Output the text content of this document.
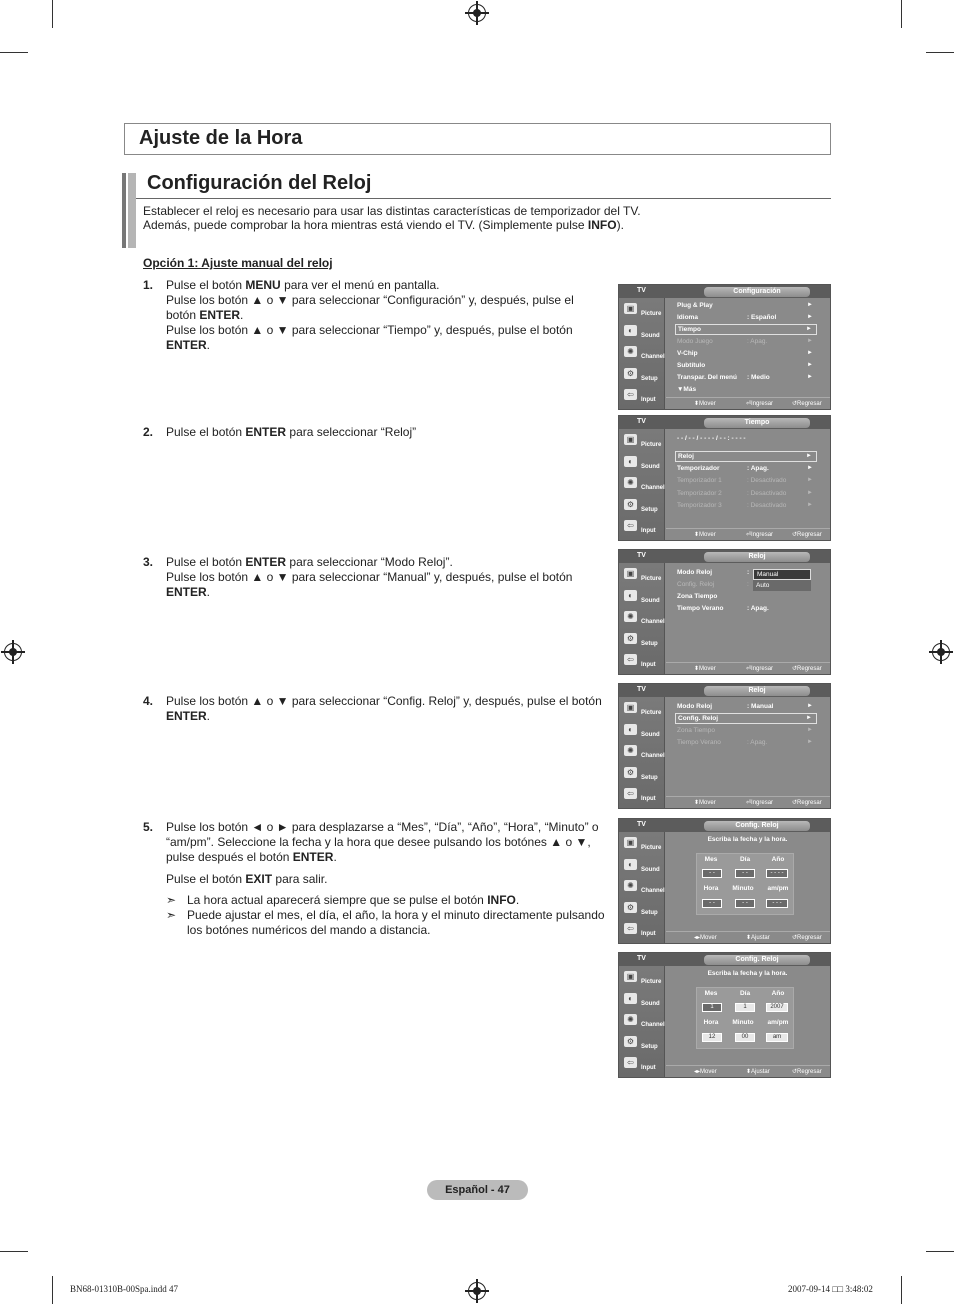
Ajuste de la Hora
Configuración del Reloj
Establecer el reloj es necesario para usar las distintas características de temporizador del TV.
Además, puede comprobar la hora mientras está viendo el TV. (Simplemente pulse INFO).
Opción 1: Ajuste manual del reloj
1. Pulse el botón MENU para ver el menú en pantalla.
Pulse los botón ▲ o ▼ para seleccionar “Configuración” y, después, pulse el botón ENTER.
Pulse los botón ▲ o ▼ para seleccionar “Tiempo” y, después, pulse el botón ENTER.
2. Pulse el botón ENTER para seleccionar “Reloj”
3. Pulse el botón ENTER para seleccionar “Modo Reloj”.
Pulse los botón ▲ o ▼ para seleccionar “Manual” y, después, pulse el botón ENTER.
4. Pulse los botón ▲ o ▼ para seleccionar “Config. Reloj” y, después, pulse el botón ENTER.
5. Pulse los botón ◄ o ► para desplazarse a “Mes”, “Día”, “Año”, “Hora”, “Minuto” o “am/pm”. Seleccione la fecha y la hora que desee pulsando los botónes ▲ o ▼, pulse después el botón ENTER.
Pulse el botón EXIT para salir.
➣ La hora actual aparecerá siempre que se pulse el botón INFO.
➣ Puede ajustar el mes, el día, el año, la hora y el minuto directamente pulsando los botónes numéricos del mando a distancia.
▣
Picture
◐
Sound
✺
Channel
⚙
Setup
⇦
Input
TV	Configuración
Plug & Play	►
Idioma	: Español	►
Tiempo	►
Modo Juego	: Apag.	►
V-Chip	►
Subtítulo	►
Transpar. Del menú : Medio	►
▼Más
⬍ Mover	⏎ Ingresar	↺ Regresar
▣
Picture
◐
Sound
✺
Channel
⚙
Setup
⇦
Input
TV	Tiempo
- - / - - / - - - - / - - : - - - -
Reloj	►
Temporizador	: Apag.	►
Temporizador 1	: Desactivado	►
Temporizador 2	: Desactivado	►
Temporizador 3	: Desactivado	►
⬍ Mover	⏎ Ingresar	↺ Regresar
▣
Picture
◐
Sound
✺
Channel
⚙
Setup
⇦
Input
TV	Reloj
Modo Reloj	:
Config. Reloj	:
Zona Tiempo
Tiempo Verano	: Apag.
Manual
Auto
⬍ Mover	⏎ Ingresar	↺ Regresar
▣
Picture
◐
Sound
✺
Channel
⚙
Setup
⇦
Input
TV	Reloj
Modo Reloj	: Manual	►
Config. Reloj	►
Zona Tiempo	►
Tiempo Verano	: Apag.	►
⬍ Mover	⏎ Ingresar	↺ Regresar
▣
Picture
◐
Sound
✺
Channel
⚙
Setup
⇦
Input
TV	Config. Reloj
Escriba la fecha y la hora.
Mes	Día	Año
- -	- -	- - - -
Hora	Minuto	am/pm
- -	- -	- - -
◂▸ Mover	⬍ Ajustar	↺ Regresar
▣
Picture
◐
Sound
✺
Channel
⚙
Setup
⇦
Input
TV	Config. Reloj
Escriba la fecha y la hora.
Mes	Día	Año
1	1	2007
Hora	Minuto	am/pm
12	00	am
◂▸ Mover	⬍ Ajustar	↺ Regresar
Español - 47
BN68-01310B-00Spa.indd 47	2007-09-14 □□ 3:48:02
